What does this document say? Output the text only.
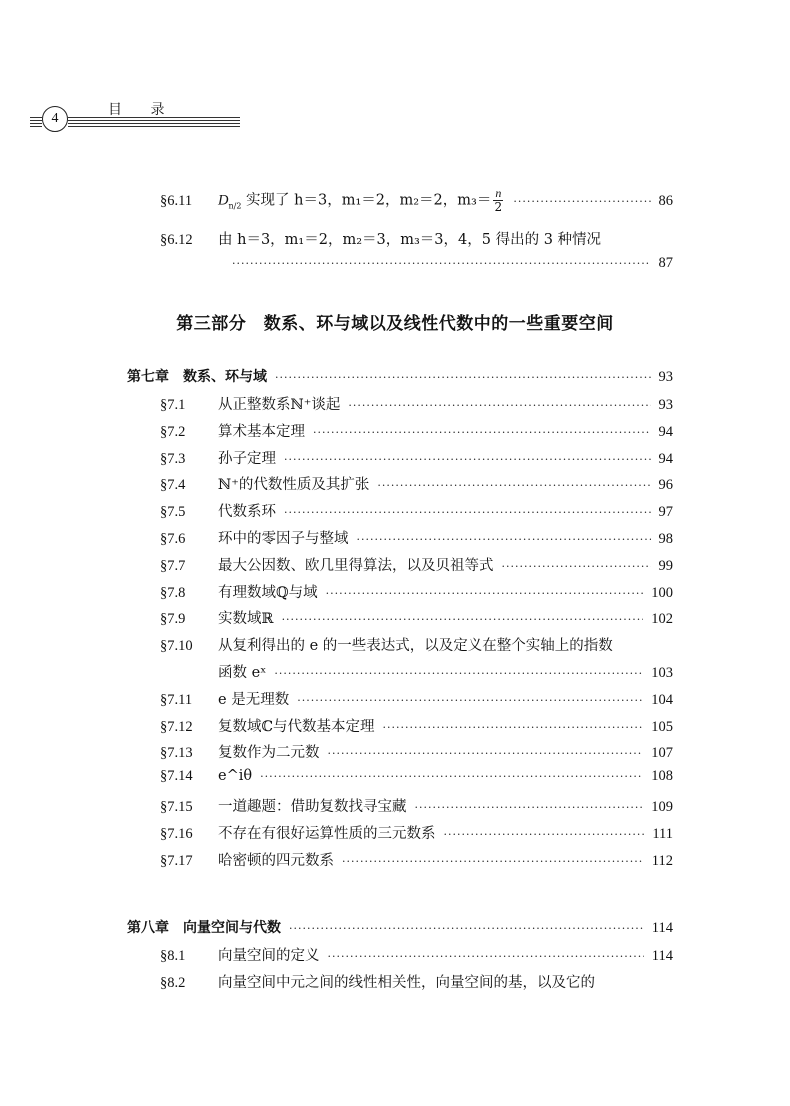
4
目 录
§6.11	$D_{n/2}$ 实现了 h＝3，m₁＝2，m₂＝2，$m_3= \frac{n}{2}$ ·····	86
§6.12	由 h＝3，m₁＝2，m₂＝3，m₃＝3，4，5 得出的 3 种情况
·····
87
第三部分　数系、环与域以及线性代数中的一些重要空间
第七章　数系、环与域 ·····	93
§7.1	从正整数系ℕ⁺谈起 ·····	93
§7.2	算术基本定理 ·····	94
§7.3	孙子定理 ·····	94
§7.4	ℕ⁺的代数性质及其扩张 ·····	96
§7.5	代数系环 ·····	97
§7.6	环中的零因子与整域 ·····	98
§7.7	最大公因数、欧几里得算法，以及贝祖等式 ·····	99
§7.8	有理数域ℚ与域 ·····	100
§7.9	实数域ℝ ·····	102
§7.10	从复利得出的 e 的一些表达式，以及定义在整个实轴上的指数
函数 eˣ ·····	103
§7.11	e 是无理数 ·····	104
§7.12	复数域ℂ与代数基本定理 ·····	105
§7.13	复数作为二元数 ·····	107
§7.14	e^iθ ·····	108
§7.15	一道趣题：借助复数找寻宝藏 ·····	109
§7.16	不存在有很好运算性质的三元数系 ·····	111
§7.17	哈密顿的四元数系 ·····	112
第八章　向量空间与代数 ·····	114
§8.1	向量空间的定义 ·····	114
§8.2	向量空间中元之间的线性相关性，向量空间的基，以及它的
